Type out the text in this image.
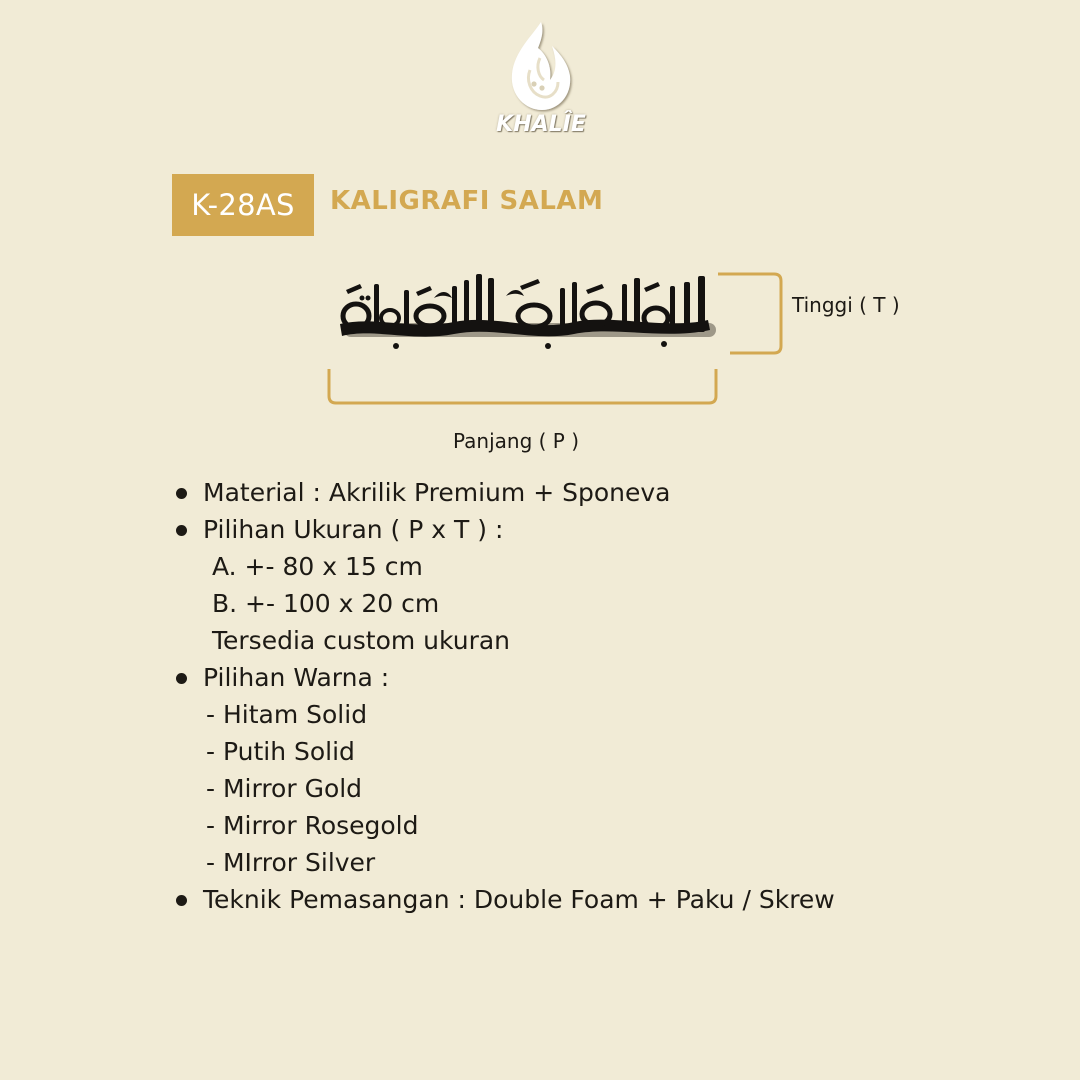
KHALÎE
K-28AS	KALIGRAFI SALAM
Tinggi ( T )
Panjang ( P )
Material : Akrilik Premium + Sponeva
Pilihan Ukuran ( P x T ) :
A. +- 80 x 15 cm
B. +- 100 x 20 cm
Tersedia custom ukuran
Pilihan Warna :
- Hitam Solid
- Putih Solid
- Mirror Gold
- Mirror Rosegold
- MIrror Silver
Teknik Pemasangan : Double Foam + Paku / Skrew
